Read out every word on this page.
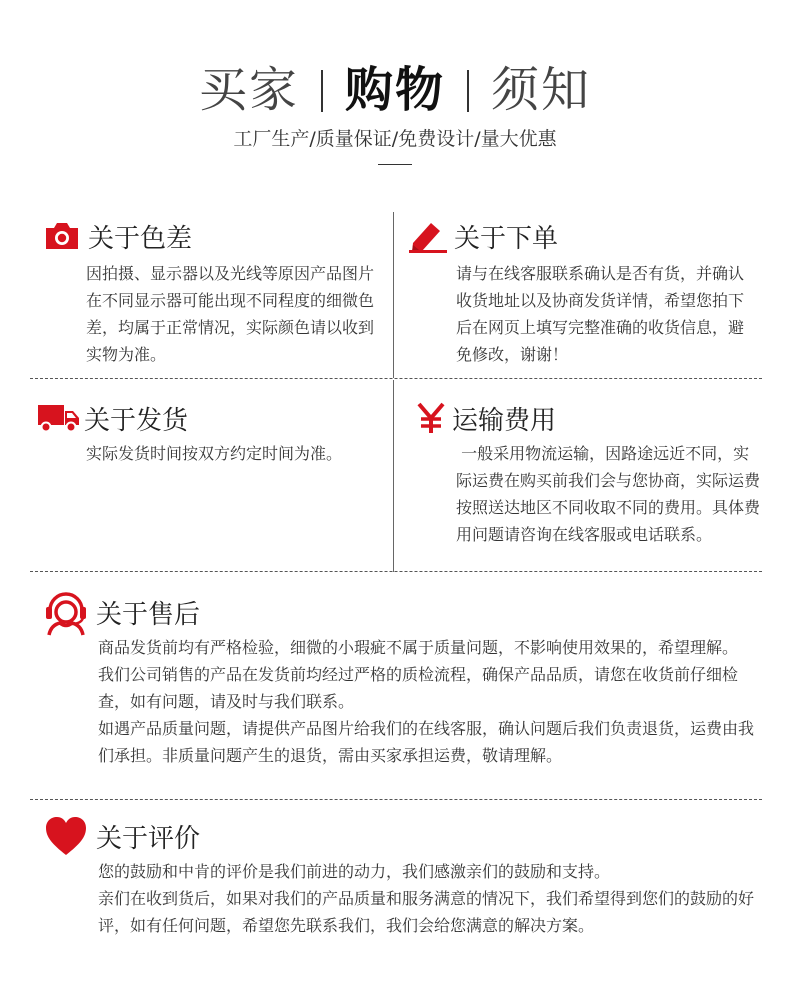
买家 购物 须知
工厂生产/质量保证/免费设计/量大优惠
关于色差
因拍摄、显示器以及光线等原因产品图片在不同显示器可能出现不同程度的细微色差，均属于正常情况，实际颜色请以收到实物为准。
关于下单
请与在线客服联系确认是否有货，并确认收货地址以及协商发货详情，希望您拍下后在网页上填写完整准确的收货信息，避免修改，谢谢！
关于发货
实际发货时间按双方约定时间为准。
运输费用
一般采用物流运输，因路途远近不同，实际运费在购买前我们会与您协商，实际运费按照送达地区不同收取不同的费用。具体费用问题请咨询在线客服或电话联系。
关于售后
商品发货前均有严格检验，细微的小瑕疵不属于质量问题，不影响使用效果的，希望理解。
我们公司销售的产品在发货前均经过严格的质检流程，确保产品品质，请您在收货前仔细检查，如有问题，请及时与我们联系。
如遇产品质量问题，请提供产品图片给我们的在线客服，确认问题后我们负责退货，运费由我们承担。非质量问题产生的退货，需由买家承担运费，敬请理解。
关于评价
您的鼓励和中肯的评价是我们前进的动力，我们感激亲们的鼓励和支持。
亲们在收到货后，如果对我们的产品质量和服务满意的情况下，我们希望得到您们的鼓励的好评，如有任何问题，希望您先联系我们，我们会给您满意的解决方案。
